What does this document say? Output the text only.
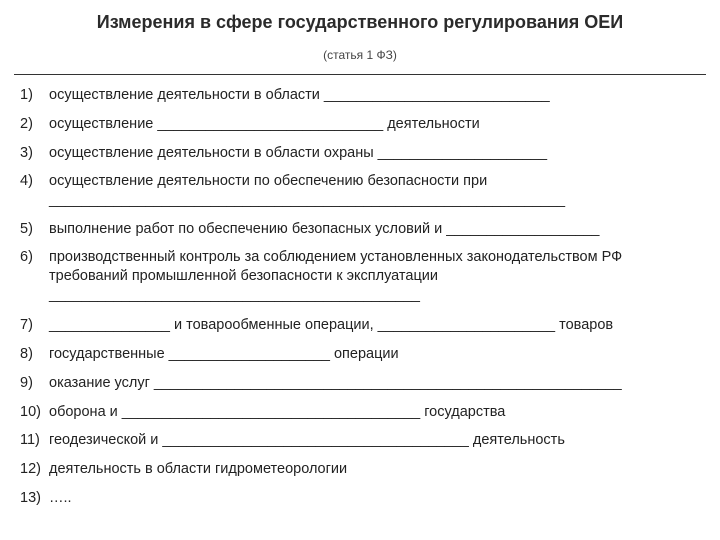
Измерения в сфере государственного регулирования ОЕИ
(статья 1 ФЗ)
1)	осуществление деятельности в области ____________________________
2)	осуществление ____________________________ деятельности
3)	осуществление деятельности в области охраны _____________________
4)	осуществление деятельности по обеспечению безопасности при
________________________________________________________________
5)	выполнение работ по обеспечению безопасных условий и ___________________
6)	производственный контроль за соблюдением установленных законодательством РФ
требований промышленной безопасности к эксплуатации
______________________________________________
7)	_______________ и товарообменные операции, ______________________ товаров
8)	государственные ____________________ операции
9)	оказание услуг __________________________________________________________
10) оборона и _____________________________________ государства
11) геодезической и ______________________________________ деятельность
12) деятельность в области гидрометеорологии
13) …..
